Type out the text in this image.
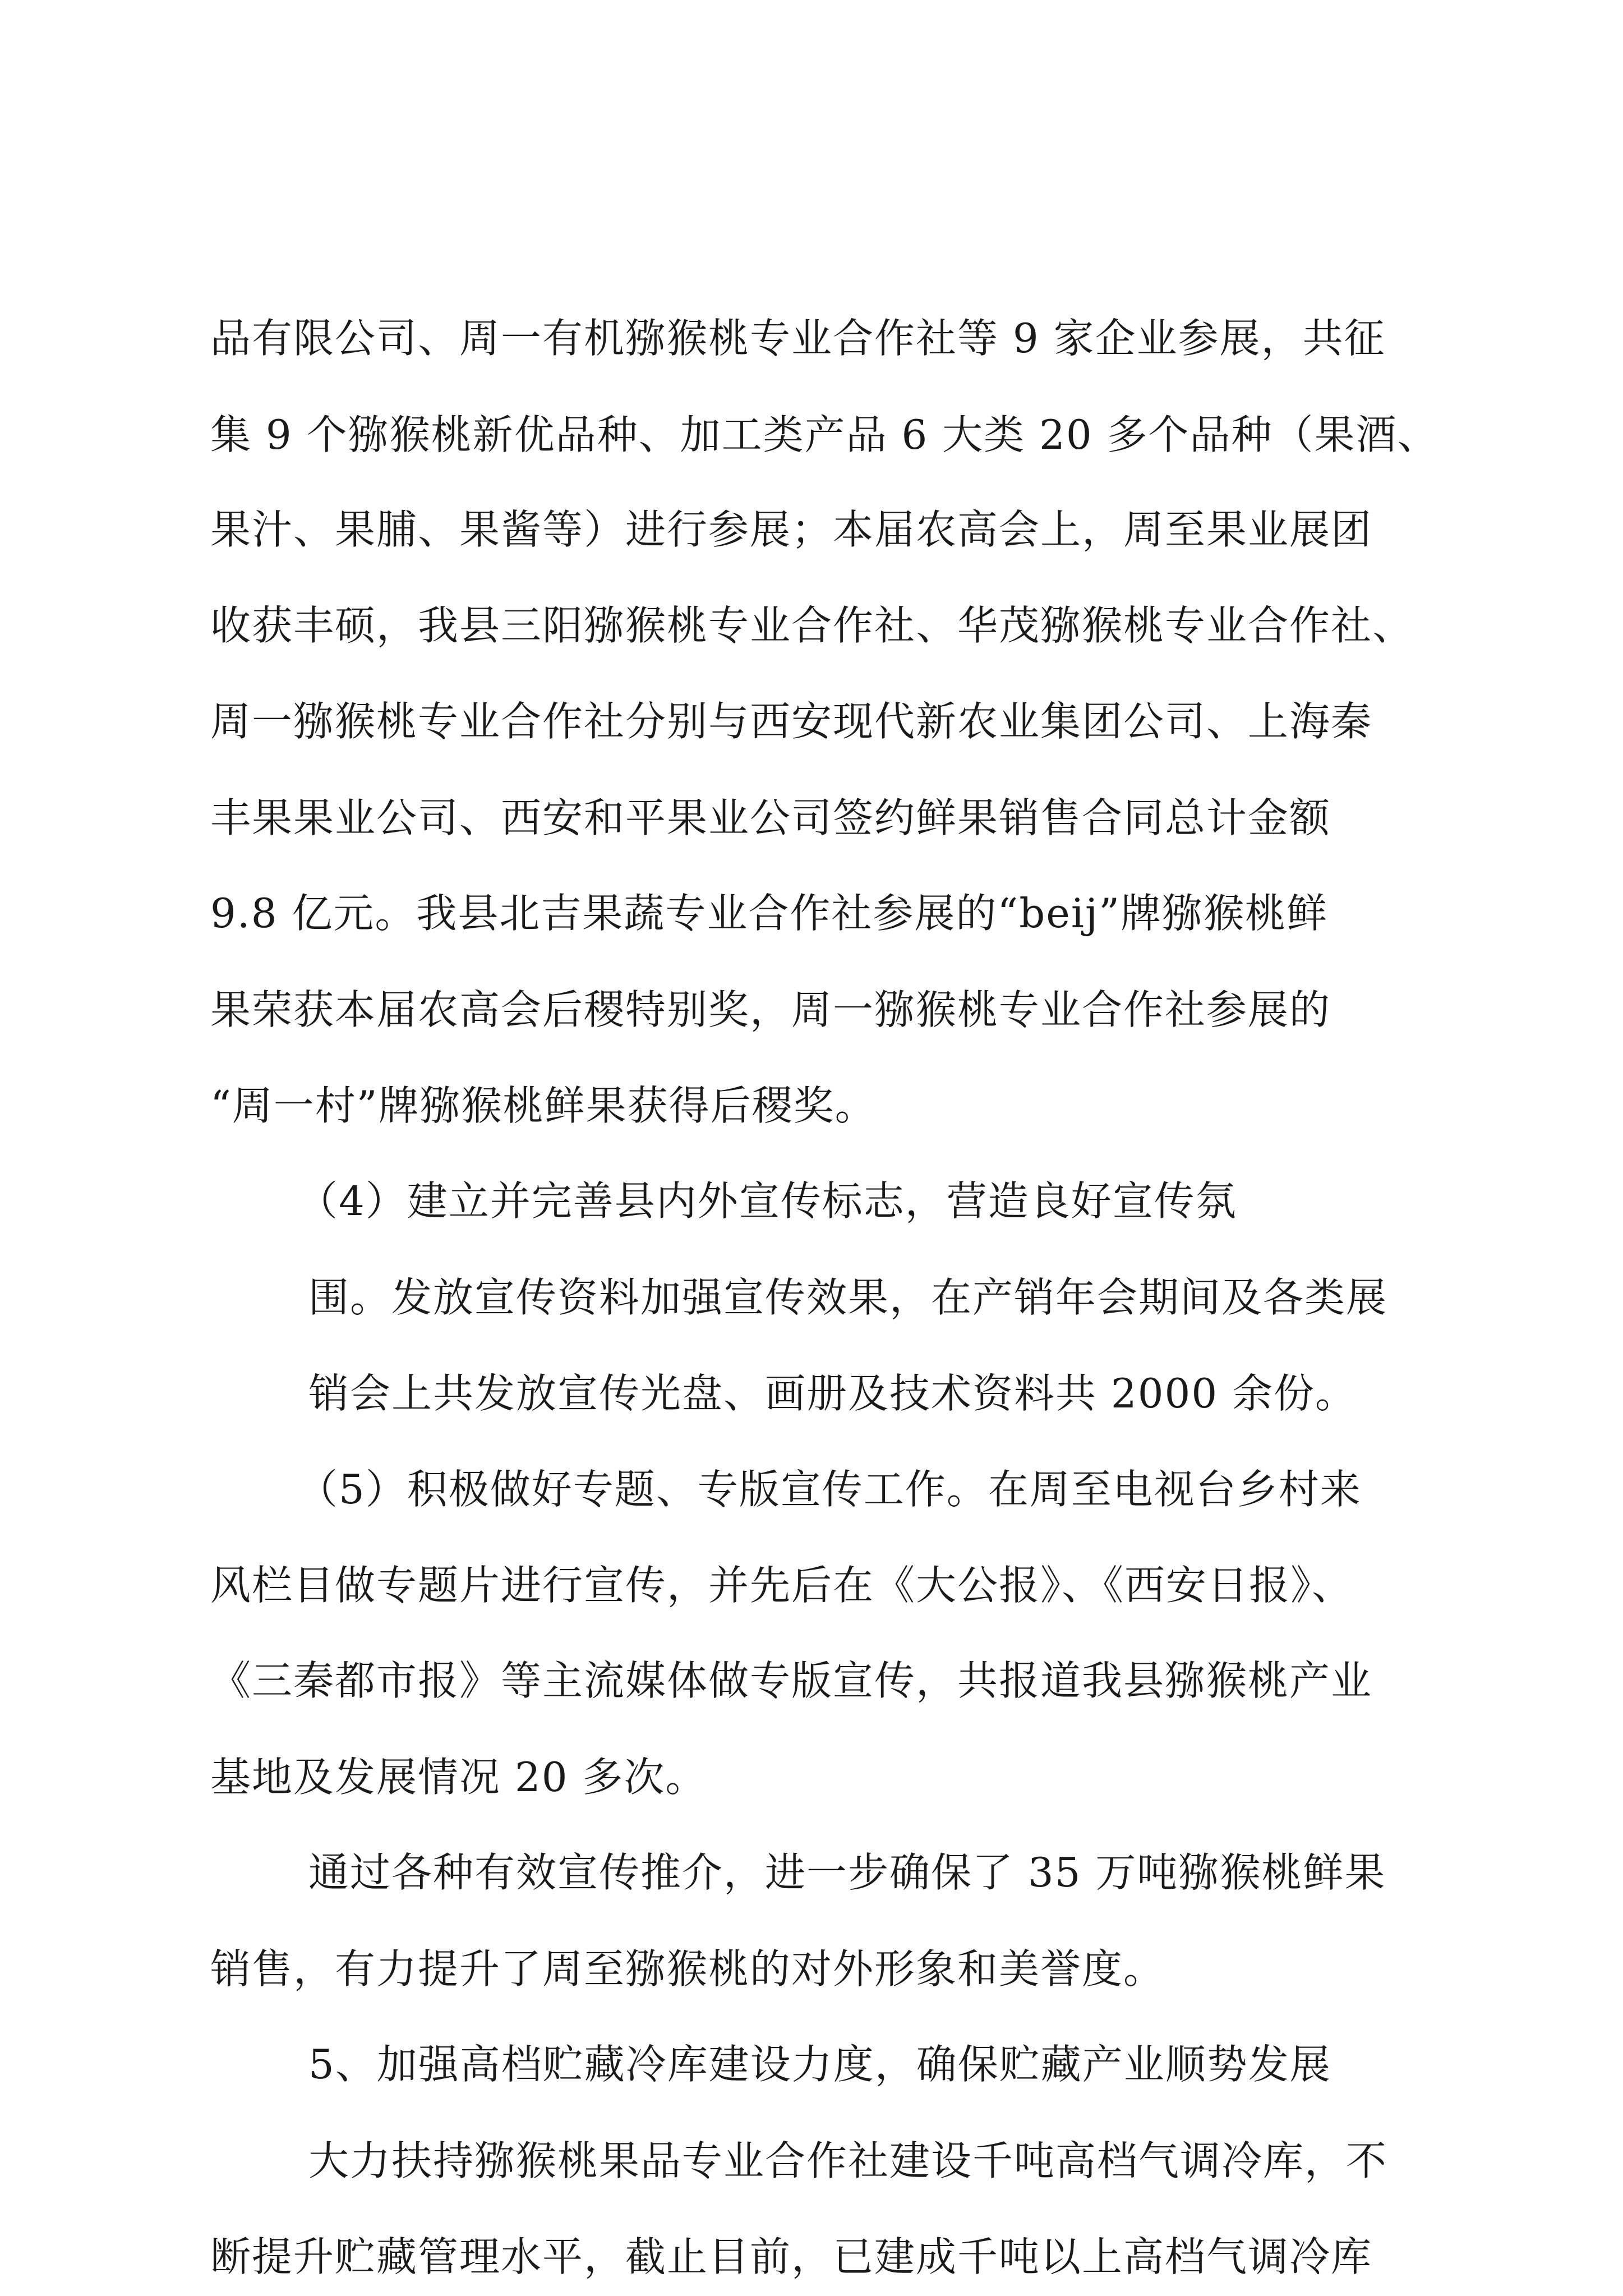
品有限公司、周一有机猕猴桃专业合作社等 9 家企业参展，共征
集 9 个猕猴桃新优品种、加工类产品 6 大类 20 多个品种（果酒、
果汁、果脯、果酱等）进行参展；本届农高会上，周至果业展团
收获丰硕，我县三阳猕猴桃专业合作社、华茂猕猴桃专业合作社、
周一猕猴桃专业合作社分别与西安现代新农业集团公司、上海秦
丰果果业公司、西安和平果业公司签约鲜果销售合同总计金额
9.8 亿元。我县北吉果蔬专业合作社参展的“beij”牌猕猴桃鲜
果荣获本届农高会后稷特别奖，周一猕猴桃专业合作社参展的
“周一村”牌猕猴桃鲜果获得后稷奖。
（4）建立并完善县内外宣传标志，营造良好宣传氛
围。发放宣传资料加强宣传效果，在产销年会期间及各类展
销会上共发放宣传光盘、画册及技术资料共 2000 余份。
（5）积极做好专题、专版宣传工作。在周至电视台乡村来
风栏目做专题片进行宣传，并先后在《大公报》、《西安日报》、
《三秦都市报》等主流媒体做专版宣传，共报道我县猕猴桃产业
基地及发展情况 20 多次。
通过各种有效宣传推介，进一步确保了 35 万吨猕猴桃鲜果
销售，有力提升了周至猕猴桃的对外形象和美誉度。
5、加强高档贮藏冷库建设力度，确保贮藏产业顺势发展
大力扶持猕猴桃果品专业合作社建设千吨高档气调冷库，不
断提升贮藏管理水平，截止目前，已建成千吨以上高档气调冷库
